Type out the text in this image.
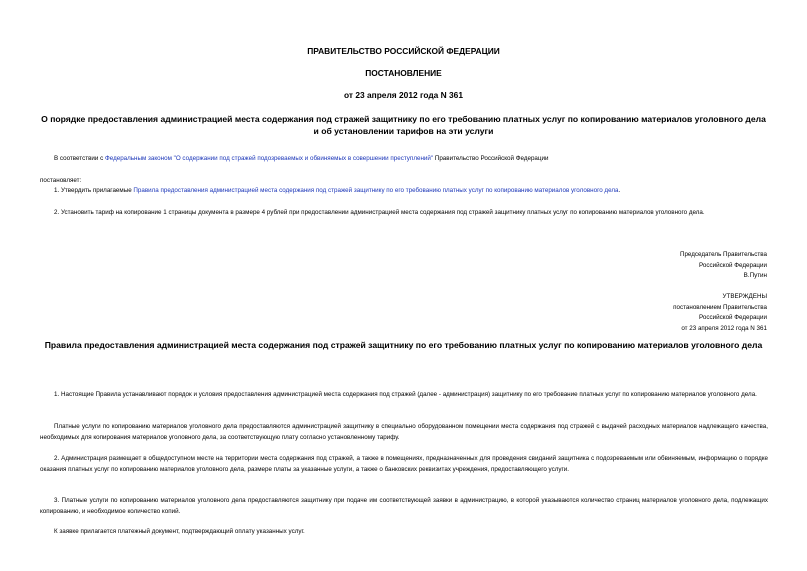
ПРАВИТЕЛЬСТВО РОССИЙСКОЙ ФЕДЕРАЦИИ
ПОСТАНОВЛЕНИЕ
от 23 апреля 2012 года N 361
О порядке предоставления администрацией места содержания под стражей защитнику по его требованию платных услуг по копированию материалов уголовного дела и об установлении тарифов на эти услуги
В соответствии с Федеральным законом "О содержании под стражей подозреваемых и обвиняемых в совершении преступлений" Правительство Российской Федерации
постановляет:
1. Утвердить прилагаемые Правила предоставления администрацией места содержания под стражей защитнику по его требованию платных услуг по копированию материалов уголовного дела.
2. Установить тариф на копирование 1 страницы документа в размере 4 рублей при предоставлении администрацией места содержания под стражей защитнику платных услуг по копированию материалов уголовного дела.
Председатель Правительства
Российской Федерации
В.Путин
УТВЕРЖДЕНЫ
постановлением Правительства
Российской Федерации
от 23 апреля 2012 года N 361
Правила предоставления администрацией места содержания под стражей защитнику по его требованию платных услуг по копированию материалов уголовного дела
1. Настоящие Правила устанавливают порядок и условия предоставления администрацией места содержания под стражей (далее - администрация) защитнику по его требование платных услуг по копированию материалов уголовного дела.
Платные услуги по копированию материалов уголовного дела предоставляются администрацией защитнику в специально оборудованном помещении места содержания под стражей с выдачей расходных материалов надлежащего качества, необходимых для копирования материалов уголовного дела, за соответствующую плату согласно установленному тарифу.
2. Администрация размещает в общедоступном месте на территории места содержания под стражей, а также в помещениях, предназначенных для проведения свиданий защитника с подозреваемым или обвиняемым, информацию о порядке оказания платных услуг по копированию материалов уголовного дела, размере платы за указанные услуги, а также о банковских реквизитах учреждения, предоставляющего услуги.
3. Платные услуги по копированию материалов уголовного дела предоставляются защитнику при подаче им соответствующей заявки в администрацию, в которой указываются количество страниц материалов уголовного дела, подлежащих копированию, и необходимое количество копий.
К заявке прилагается платежный документ, подтверждающий оплату указанных услуг.
